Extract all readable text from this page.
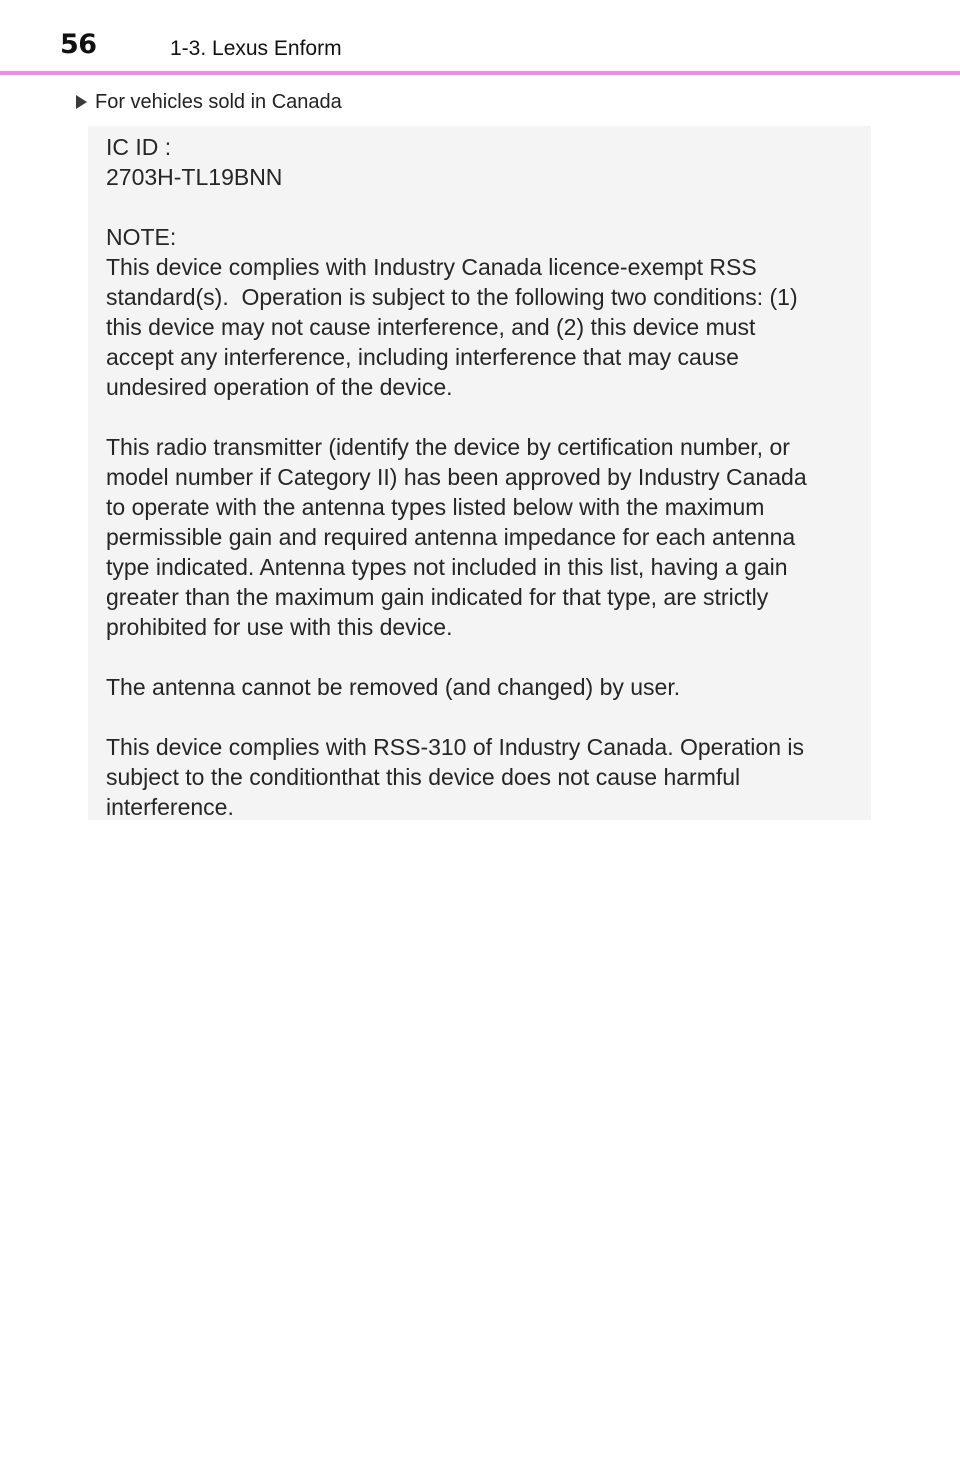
56	1-3. Lexus Enform
For vehicles sold in Canada
IC ID :
2703H-TL19BNN
NOTE:
This device complies with Industry Canada licence-exempt RSS
standard(s).  Operation is subject to the following two conditions: (1)
this device may not cause interference, and (2) this device must
accept any interference, including interference that may cause
undesired operation of the device.
This radio transmitter (identify the device by certification number, or
model number if Category II) has been approved by Industry Canada
to operate with the antenna types listed below with the maximum
permissible gain and required antenna impedance for each antenna
type indicated. Antenna types not included in this list, having a gain
greater than the maximum gain indicated for that type, are strictly
prohibited for use with this device.
The antenna cannot be removed (and changed) by user.
This device complies with RSS-310 of Industry Canada. Operation is
subject to the conditionthat this device does not cause harmful
interference.
